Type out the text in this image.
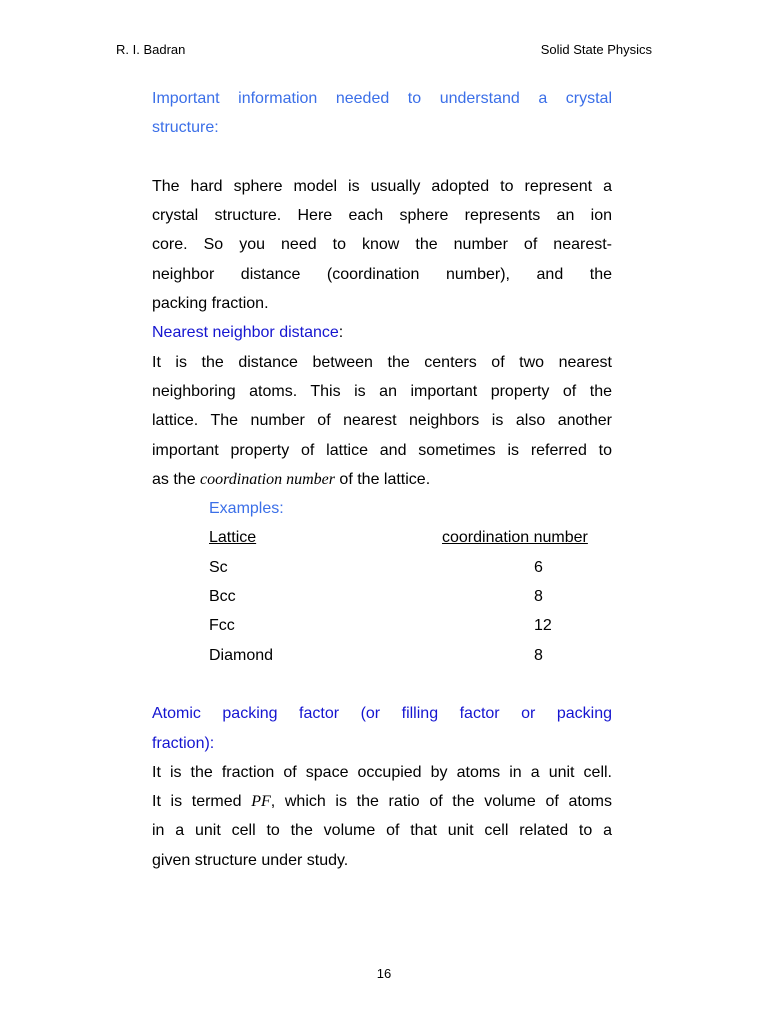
R. I. Badran	Solid State Physics

Important information needed to understand a crystal

structure:

The hard sphere model is usually adopted to represent a

crystal structure. Here each sphere represents an ion

core. So you need to know the number of nearest-

neighbor distance (coordination number), and the

packing fraction.

Nearest neighbor distance:

It is the distance between the centers of two nearest

neighboring atoms. This is an important property of the

lattice. The number of nearest neighbors is also another

important property of lattice and sometimes is referred to

as the coordination number of the lattice.

Examples:

Lattice	coordination number
Sc	6
Bcc	8
Fcc	12
Diamond	8

Atomic packing factor (or filling factor or packing

fraction):

It is the fraction of space occupied by atoms in a unit cell.

It is termed PF, which is the ratio of the volume of atoms

in a unit cell to the volume of that unit cell related to a

given structure under study.

16
